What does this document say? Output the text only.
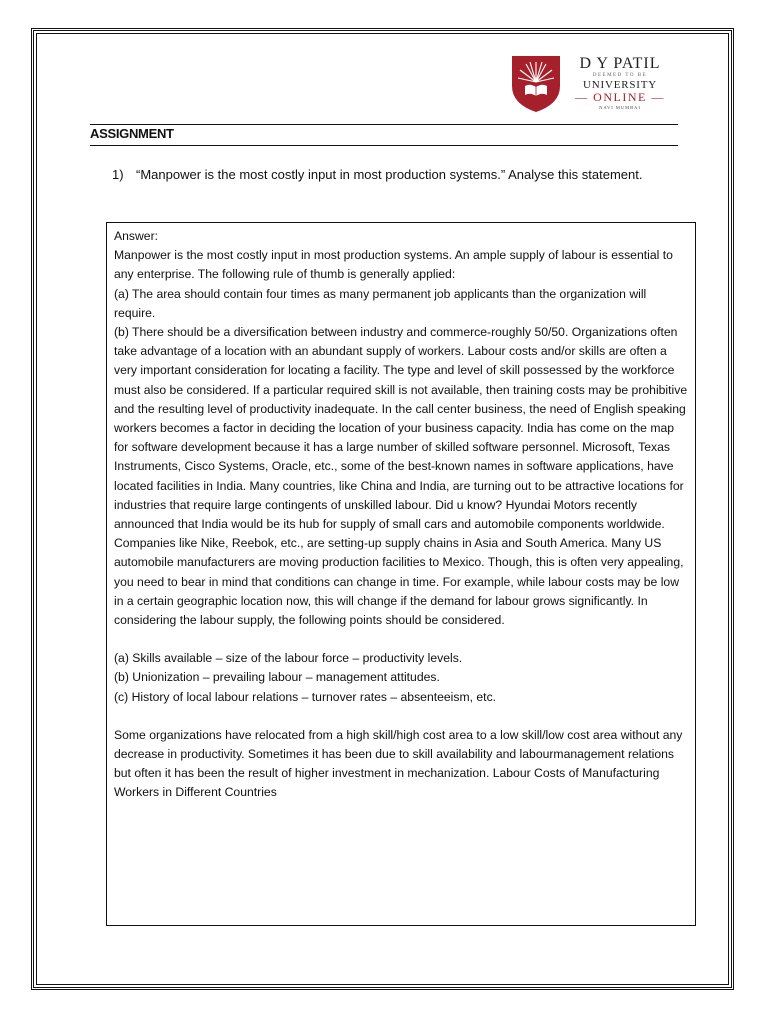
D Y PATIL
DEEMED TO BE
UNIVERSITY
— ONLINE —
NAVI MUMBAI
ASSIGNMENT
1) “Manpower is the most costly input in most production systems.” Analyse this statement.

Answer:

Manpower is the most costly input in most production systems. An ample supply of labour is essential to any enterprise. The following rule of thumb is generally applied:

(a) The area should contain four times as many permanent job applicants than the organization will require.

(b) There should be a diversification between industry and commerce-roughly 50/50. Organizations often take advantage of a location with an abundant supply of workers. Labour costs and/or skills are often a very important consideration for locating a facility. The type and level of skill possessed by the workforce must also be considered. If a particular required skill is not available, then training costs may be prohibitive and the resulting level of productivity inadequate. In the call center business, the need of English speaking workers becomes a factor in deciding the location of your business capacity. India has come on the map for software development because it has a large number of skilled software personnel. Microsoft, Texas Instruments, Cisco Systems, Oracle, etc., some of the best-known names in software applications, have located facilities in India. Many countries, like China and India, are turning out to be attractive locations for industries that require large contingents of unskilled labour. Did u know? Hyundai Motors recently announced that India would be its hub for supply of small cars and automobile components worldwide. Companies like Nike, Reebok, etc., are setting-up supply chains in Asia and South America. Many US automobile manufacturers are moving production facilities to Mexico. Though, this is often very appealing, you need to bear in mind that conditions can change in time. For example, while labour costs may be low in a certain geographic location now, this will change if the demand for labour grows significantly. In considering the labour supply, the following points should be considered.

(a) Skills available – size of the labour force – productivity levels.

(b) Unionization – prevailing labour – management attitudes.

(c) History of local labour relations – turnover rates – absenteeism, etc.

Some organizations have relocated from a high skill/high cost area to a low skill/low cost area without any decrease in productivity. Sometimes it has been due to skill availability and labourmanagement relations but often it has been the result of higher investment in mechanization. Labour Costs of Manufacturing Workers in Different Countries
